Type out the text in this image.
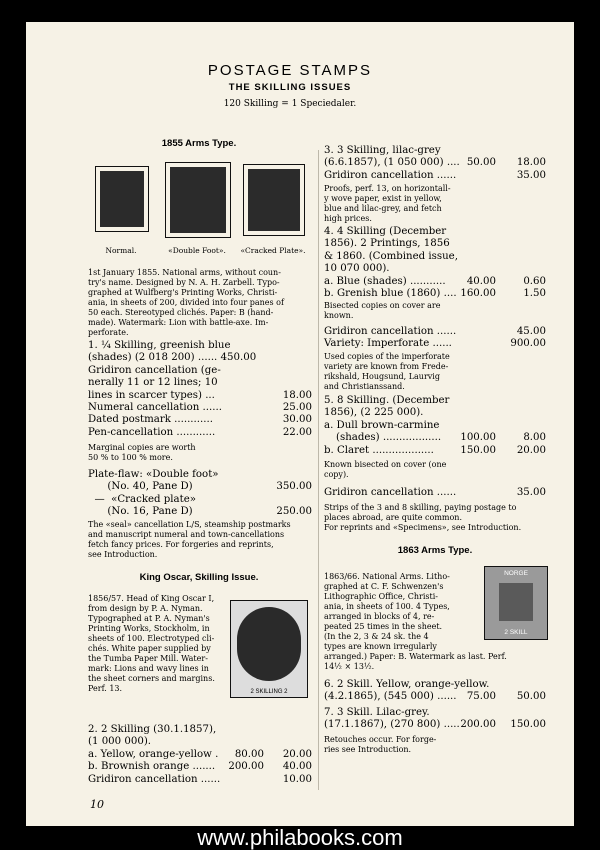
POSTAGE STAMPS
THE SKILLING ISSUES
120 Skilling = 1 Speciedaler.
1855 Arms Type.
Normal.	«Double Foot».	«Cracked Plate».
1st January 1855. National arms, without coun-
try's name. Designed by N. A. H. Zarbell. Typo-
graphed at Wulfberg's Printing Works, Christi-
ania, in sheets of 200, divided into four panes of
50 each. Stereotyped clichés. Paper: B (hand-
made). Watermark: Lion with battle-axe. Im-
perforate.
1. ¼ Skilling, greenish blue
(shades) (2 018 200) ...... 450.00
Gridiron cancellation (ge-
nerally 11 or 12 lines; 10
lines in scarcer types) ...	18.00
Numeral cancellation ......	25.00
Dated postmark ............	30.00
Pen-cancellation ............	22.00
Marginal copies are worth
50 % to 100 % more.
Plate-flaw: «Double foot»
(No. 40, Pane D)	350.00
—  «Cracked plate»
(No. 16, Pane D)	250.00
The «seal» cancellation L/S, steamship postmarks
and manuscript numeral and town-cancellations
fetch fancy prices. For forgeries and reprints,
see Introduction.
King Oscar, Skilling Issue.
1856/57. Head of King Oscar I,
from design by P. A. Nyman.
Typographed at P. A. Nyman's
Printing Works, Stockholm, in
sheets of 100. Electrotyped cli-
chés. White paper supplied by
the Tumba Paper Mill. Water-
mark: Lions and wavy lines in
the sheet corners and margins.
Perf. 13.	2 SKILLING 2
2. 2 Skilling (30.1.1857),
(1 000 000).
a. Yellow, orange-yellow . 80.00 20.00
b. Brownish orange ....... 200.00 40.00
Gridiron cancellation ......	10.00
3. 3 Skilling, lilac-grey
(6.6.1857), (1 050 000) .... 50.00 18.00
Gridiron cancellation ......	35.00
Proofs, perf. 13, on horizontall-
y wove paper, exist in yellow,
blue and lilac-grey, and fetch
high prices.
4. 4 Skilling (December
1856). 2 Printings, 1856
& 1860. (Combined issue,
10 070 000).
a. Blue (shades) ........... 40.00	0.60
b. Grenish blue (1860) .... 160.00	1.50
Bisected copies on cover are
known.
Gridiron cancellation ......	45.00
Variety: Imperforate ......	900.00
Used copies of the imperforate
variety are known from Frede-
rikshald, Hougsund, Laurvig
and Christianssand.
5. 8 Skilling. (December
1856), (2 225 000).
a. Dull brown-carmine
(shades) .................. 100.00	8.00
b. Claret ...................	150.00 20.00
Known bisected on cover (one
copy).
Gridiron cancellation ......	35.00
Strips of the 3 and 8 skilling, paying postage to
places abroad, are quite common.
For reprints and «Specimens», see Introduction.
1863 Arms Type.
1863/66. National Arms. Litho-
graphed at C. F. Schwenzen's
Lithographic Office, Christi-
ania, in sheets of 100. 4 Types,
arranged in blocks of 4, re-
peated 25 times in the sheet.
(In the 2, 3 & 24 sk. the 4
types are known irregularly
arranged.) Paper: B. Watermark as last. Perf.
14½ × 13½.
NORGE
2 SKILL
6. 2 Skill. Yellow, orange-yellow.
(4.2.1865), (545 000) ...... 75.00 50.00
7. 3 Skill. Lilac-grey.
(17.1.1867), (270 800) ..... 200.00 150.00
Retouches occur. For forge-
ries see Introduction.
10
www.philabooks.com
